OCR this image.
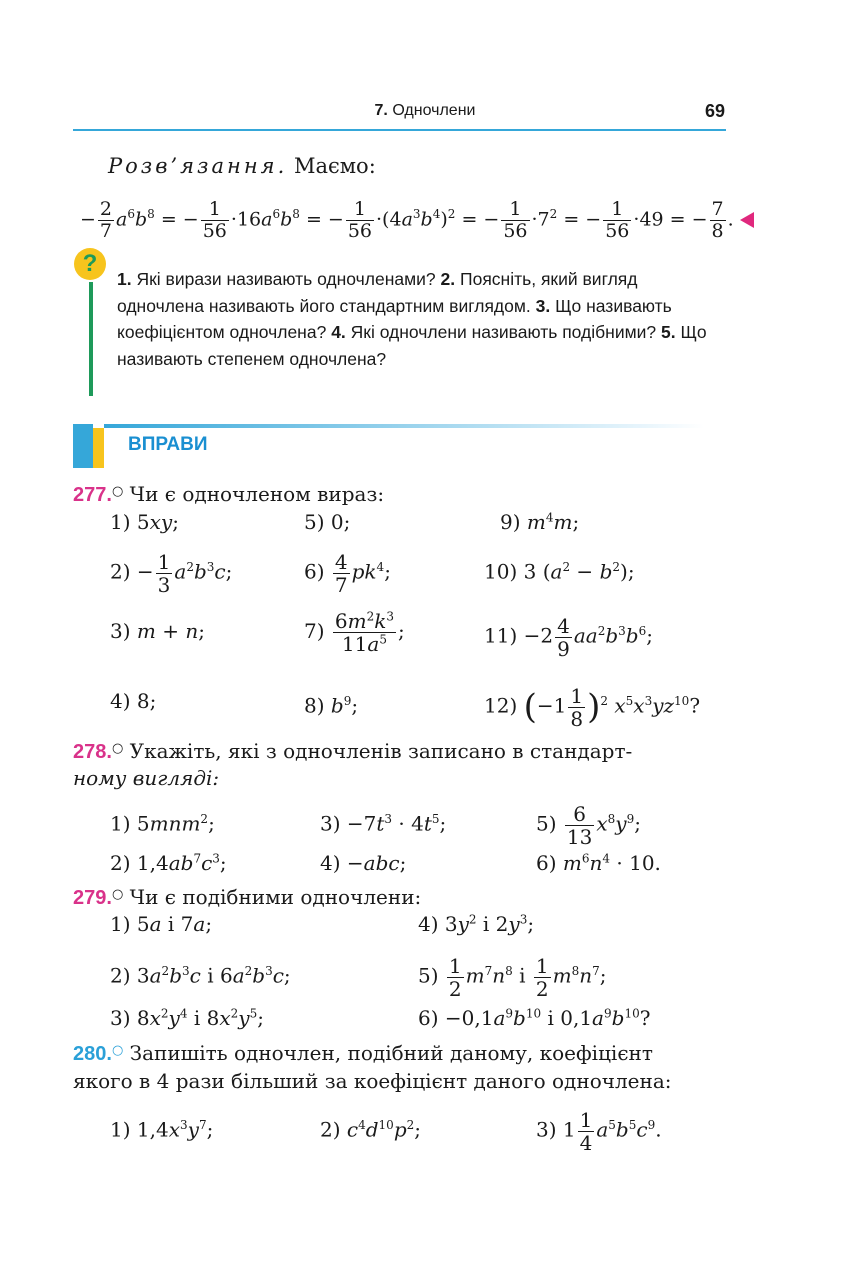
7. Одночлени	69
Розв’язання. Маємо:
− $\frac{2}{7} a^6b^8$ = − $\frac{1}{56} \cdot 16a^6b^8$ = − $\frac{1}{56} \cdot(4a^3b^4)^2$ = − $\frac{1}{56} \cdot 7^2$ = − $\frac{1}{56} \cdot 49$ = − $\frac{7}{8}$ .
?
1. Які вирази називають одночленами? 2. Поясніть, який вигляд одночлена називають його стандартним виглядом. 3. Що називають коефіцієнтом одночлена? 4. Які одночлени називають подібними? 5. Що називають степенем одночлена?
ВПРАВИ
277.○ Чи є одночленом вираз:
1) 5xy;	5) 0;	9) $m^4m$;
$2) - \frac{1}{3} a^2b^3c$;	$6) \frac{4}{7} pk^4$;	10) 3 $(a^2 - b^2)$;
3) m + n;	$7) \frac{6m^2k^3}{11a^5}$ ;	$11) -2 \frac{4}{9} aa^2b^3b^6$;
4) 8;	8) $b^9$;	12) $(-1 \frac{1}{8} )^2$ $x^5x^3yz^{10}$?
278.○ Укажіть, які з одночленів записано в стандарт-
ному вигляді:
1) 5mnm$^2$;	$3) -7t^3 \cdot 4t^5$;	$5) \frac{6}{13} x^8y^9$;
2) $1,4ab^7c^3$;	4) −abc;	6) $m^6n^4 \cdot 10$.
279.○ Чи є подібними одночлени:
1) 5a і 7a;	4) $3y^2$ і $2y^3$;
2) $3a^2b^3c$ і $6a^2b^3c$;	$5) \frac{1}{2} m^7n^8$ і $\frac{1}{2} m^8n^7$;
3) $8x^2y^4$ і $8x^2y^5$;	$6) -0,1a^9b^{10}$ і $0,1a^9b^{10}$?
280.○ Запишіть одночлен, подібний даному, коефіцієнт
якого в 4 рази більший за коефіцієнт даного одночлена:
1) $1,4x^3y^7$;	2) $c^4d^{10}p^2$;	3) $1 \frac{1}{4} a^5b^5c^9$.
